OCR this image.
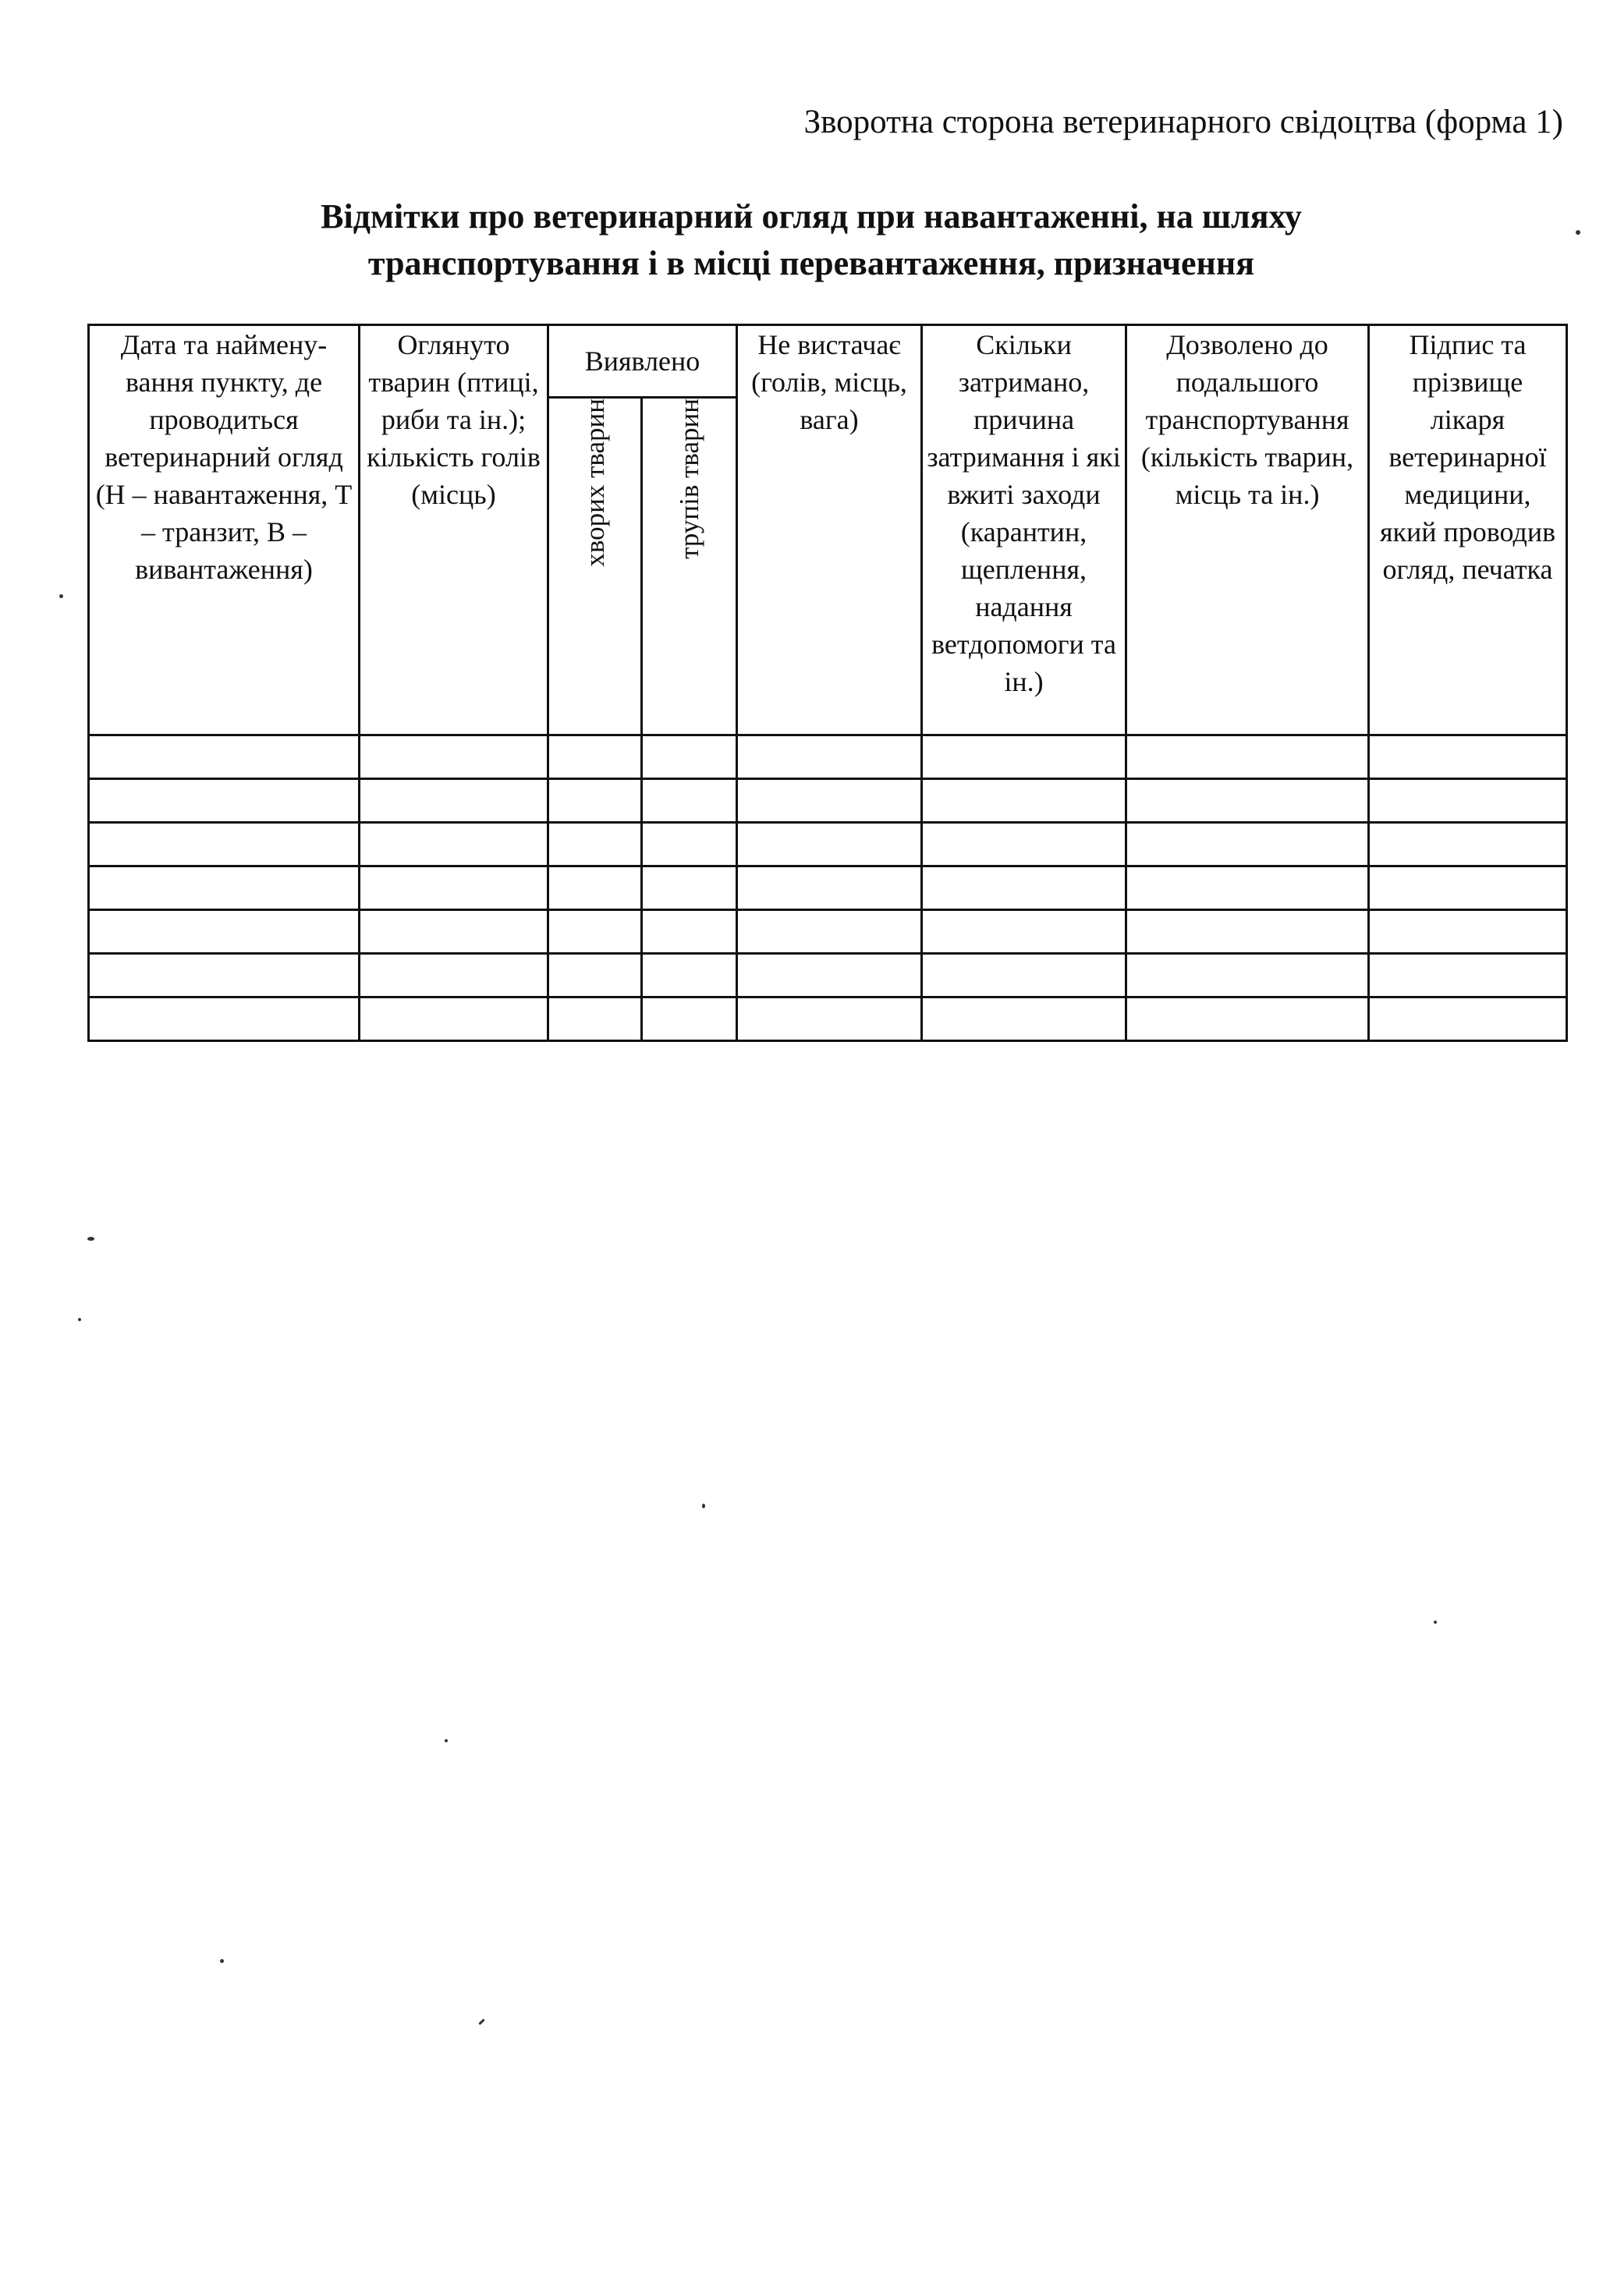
Зворотна сторона ветеринарного свідоцтва (форма 1)
Відмітки про ветеринарний огляд при навантаженні, на шляху
транспортування і в місці перевантаження, призначення
Дата та наймену-вання пункту, де проводиться ветеринарний огляд (Н – навантаження, Т – транзит, В – вивантаження)	Оглянуто тварин (птиці, риби та ін.); кількість голів (місць)	Виявлено		Не вистачає (голів, місць, вага)	Скільки затримано, причина затримання і які вжиті заходи (карантин, щеплення, надання ветдопомоги та ін.)	Дозволено до подальшого транспортування (кількість тварин, місць та ін.)	Підпис та прізвище лікаря ветеринарної медицини, який проводив огляд, печатка
		хворих тварин	трупів тварин				
